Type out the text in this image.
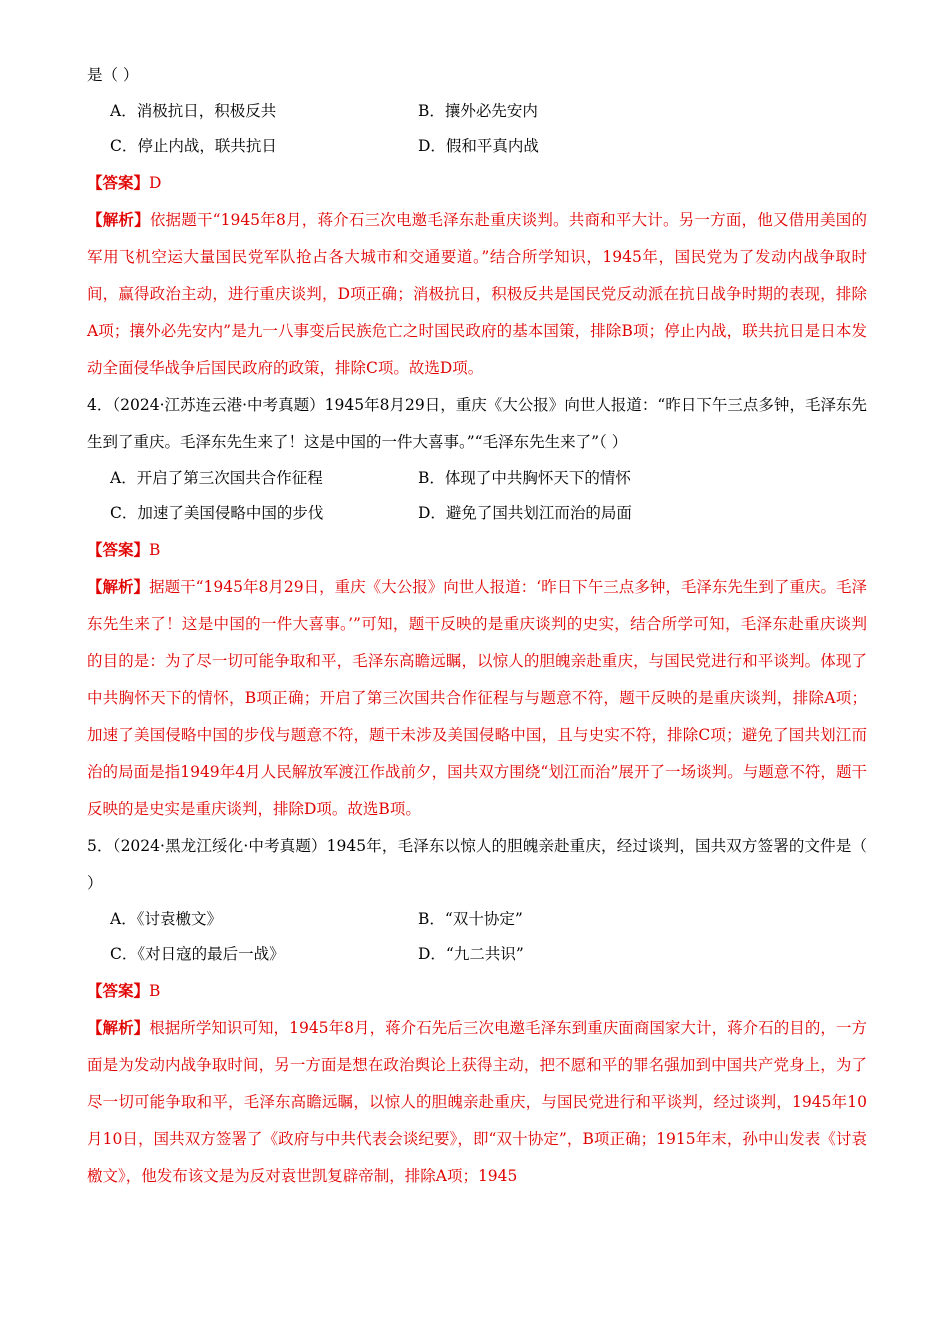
是（ ）
A．消极抗日，积极反共	B．攘外必先安内
C．停止内战，联共抗日	D．假和平真内战
【答案】D
【解析】依据题干“1945年8月，蒋介石三次电邀毛泽东赴重庆谈判。共商和平大计。另一方面，他又借用美国的军用飞机空运大量国民党军队抢占各大城市和交通要道。”结合所学知识，1945年，国民党为了发动内战争取时间，赢得政治主动，进行重庆谈判，D项正确；消极抗日，积极反共是国民党反动派在抗日战争时期的表现，排除A项；攘外必先安内”是九一八事变后民族危亡之时国民政府的基本国策，排除B项；停止内战，联共抗日是日本发动全面侵华战争后国民政府的政策，排除C项。故选D项。
4．（2024·江苏连云港·中考真题）1945年8月29日，重庆《大公报》向世人报道：“昨日下午三点多钟，毛泽东先生到了重庆。毛泽东先生来了！这是中国的一件大喜事。”“毛泽东先生来了”（ ）
A．开启了第三次国共合作征程	B．体现了中共胸怀天下的情怀
C．加速了美国侵略中国的步伐	D．避免了国共划江而治的局面
【答案】B
【解析】据题干“1945年8月29日，重庆《大公报》向世人报道：‘昨日下午三点多钟，毛泽东先生到了重庆。毛泽东先生来了！这是中国的一件大喜事。’”可知，题干反映的是重庆谈判的史实，结合所学可知，毛泽东赴重庆谈判的目的是：为了尽一切可能争取和平，毛泽东高瞻远瞩，以惊人的胆魄亲赴重庆，与国民党进行和平谈判。体现了中共胸怀天下的情怀，B项正确；开启了第三次国共合作征程与与题意不符，题干反映的是重庆谈判，排除A项；加速了美国侵略中国的步伐与题意不符，题干未涉及美国侵略中国，且与史实不符，排除C项；避免了国共划江而治的局面是指1949年4月人民解放军渡江作战前夕，国共双方围绕“划江而治”展开了一场谈判。与题意不符，题干反映的是史实是重庆谈判，排除D项。故选B项。
5．（2024·黑龙江绥化·中考真题）1945年，毛泽东以惊人的胆魄亲赴重庆，经过谈判，国共双方签署的文件是（ ）
A．《讨袁檄文》	B．“双十协定”
C．《对日寇的最后一战》	D．“九二共识”
【答案】B
【解析】根据所学知识可知，1945年8月，蒋介石先后三次电邀毛泽东到重庆面商国家大计，蒋介石的目的，一方面是为发动内战争取时间，另一方面是想在政治舆论上获得主动，把不愿和平的罪名强加到中国共产党身上，为了尽一切可能争取和平，毛泽东高瞻远瞩，以惊人的胆魄亲赴重庆，与国民党进行和平谈判，经过谈判，1945年10月10日，国共双方签署了《政府与中共代表会谈纪要》，即“双十协定”，B项正确；1915年末，孙中山发表《讨袁檄文》，他发布该文是为反对袁世凯复辟帝制，排除A项；1945
